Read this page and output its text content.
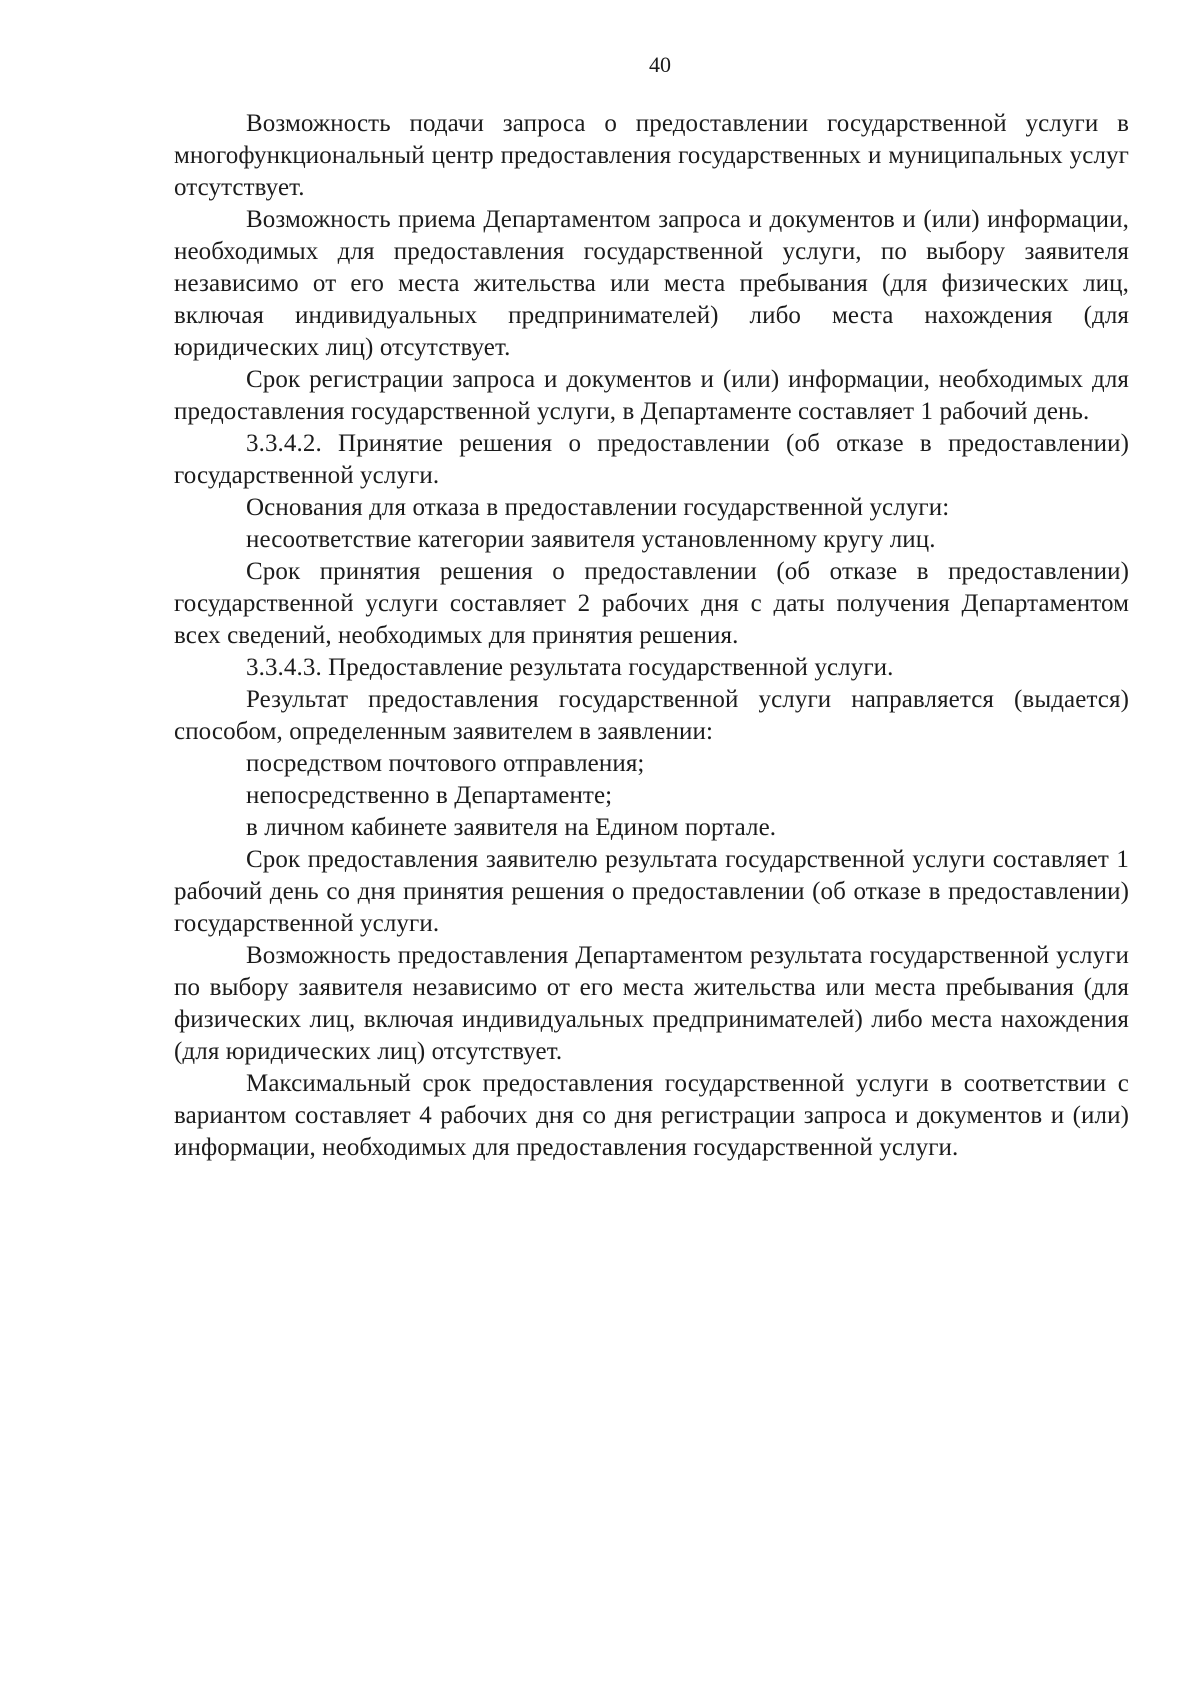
40

Возможность подачи запроса о предоставлении государственной услуги в многофункциональный центр предоставления государственных и муниципальных услуг отсутствует.

Возможность приема Департаментом запроса и документов и (или) информации, необходимых для предоставления государственной услуги, по выбору заявителя независимо от его места жительства или места пребывания (для физических лиц, включая индивидуальных предпринимателей) либо места нахождения (для юридических лиц) отсутствует.

Срок регистрации запроса и документов и (или) информации, необходимых для предоставления государственной услуги, в Департаменте составляет 1 рабочий день.

3.3.4.2. Принятие решения о предоставлении (об отказе в предоставлении) государственной услуги.

Основания для отказа в предоставлении государственной услуги:

несоответствие категории заявителя установленному кругу лиц.

Срок принятия решения о предоставлении (об отказе в предоставлении) государственной услуги составляет 2 рабочих дня с даты получения Департаментом всех сведений, необходимых для принятия решения.

3.3.4.3. Предоставление результата государственной услуги.

Результат предоставления государственной услуги направляется (выдается) способом, определенным заявителем в заявлении:

посредством почтового отправления;

непосредственно в Департаменте;

в личном кабинете заявителя на Едином портале.

Срок предоставления заявителю результата государственной услуги составляет 1 рабочий день со дня принятия решения о предоставлении (об отказе в предоставлении) государственной услуги.

Возможность предоставления Департаментом результата государственной услуги по выбору заявителя независимо от его места жительства или места пребывания (для физических лиц, включая индивидуальных предпринимателей) либо места нахождения (для юридических лиц) отсутствует.

Максимальный срок предоставления государственной услуги в соответствии с вариантом составляет 4 рабочих дня со дня регистрации запроса и документов и (или) информации, необходимых для предоставления государственной услуги.
